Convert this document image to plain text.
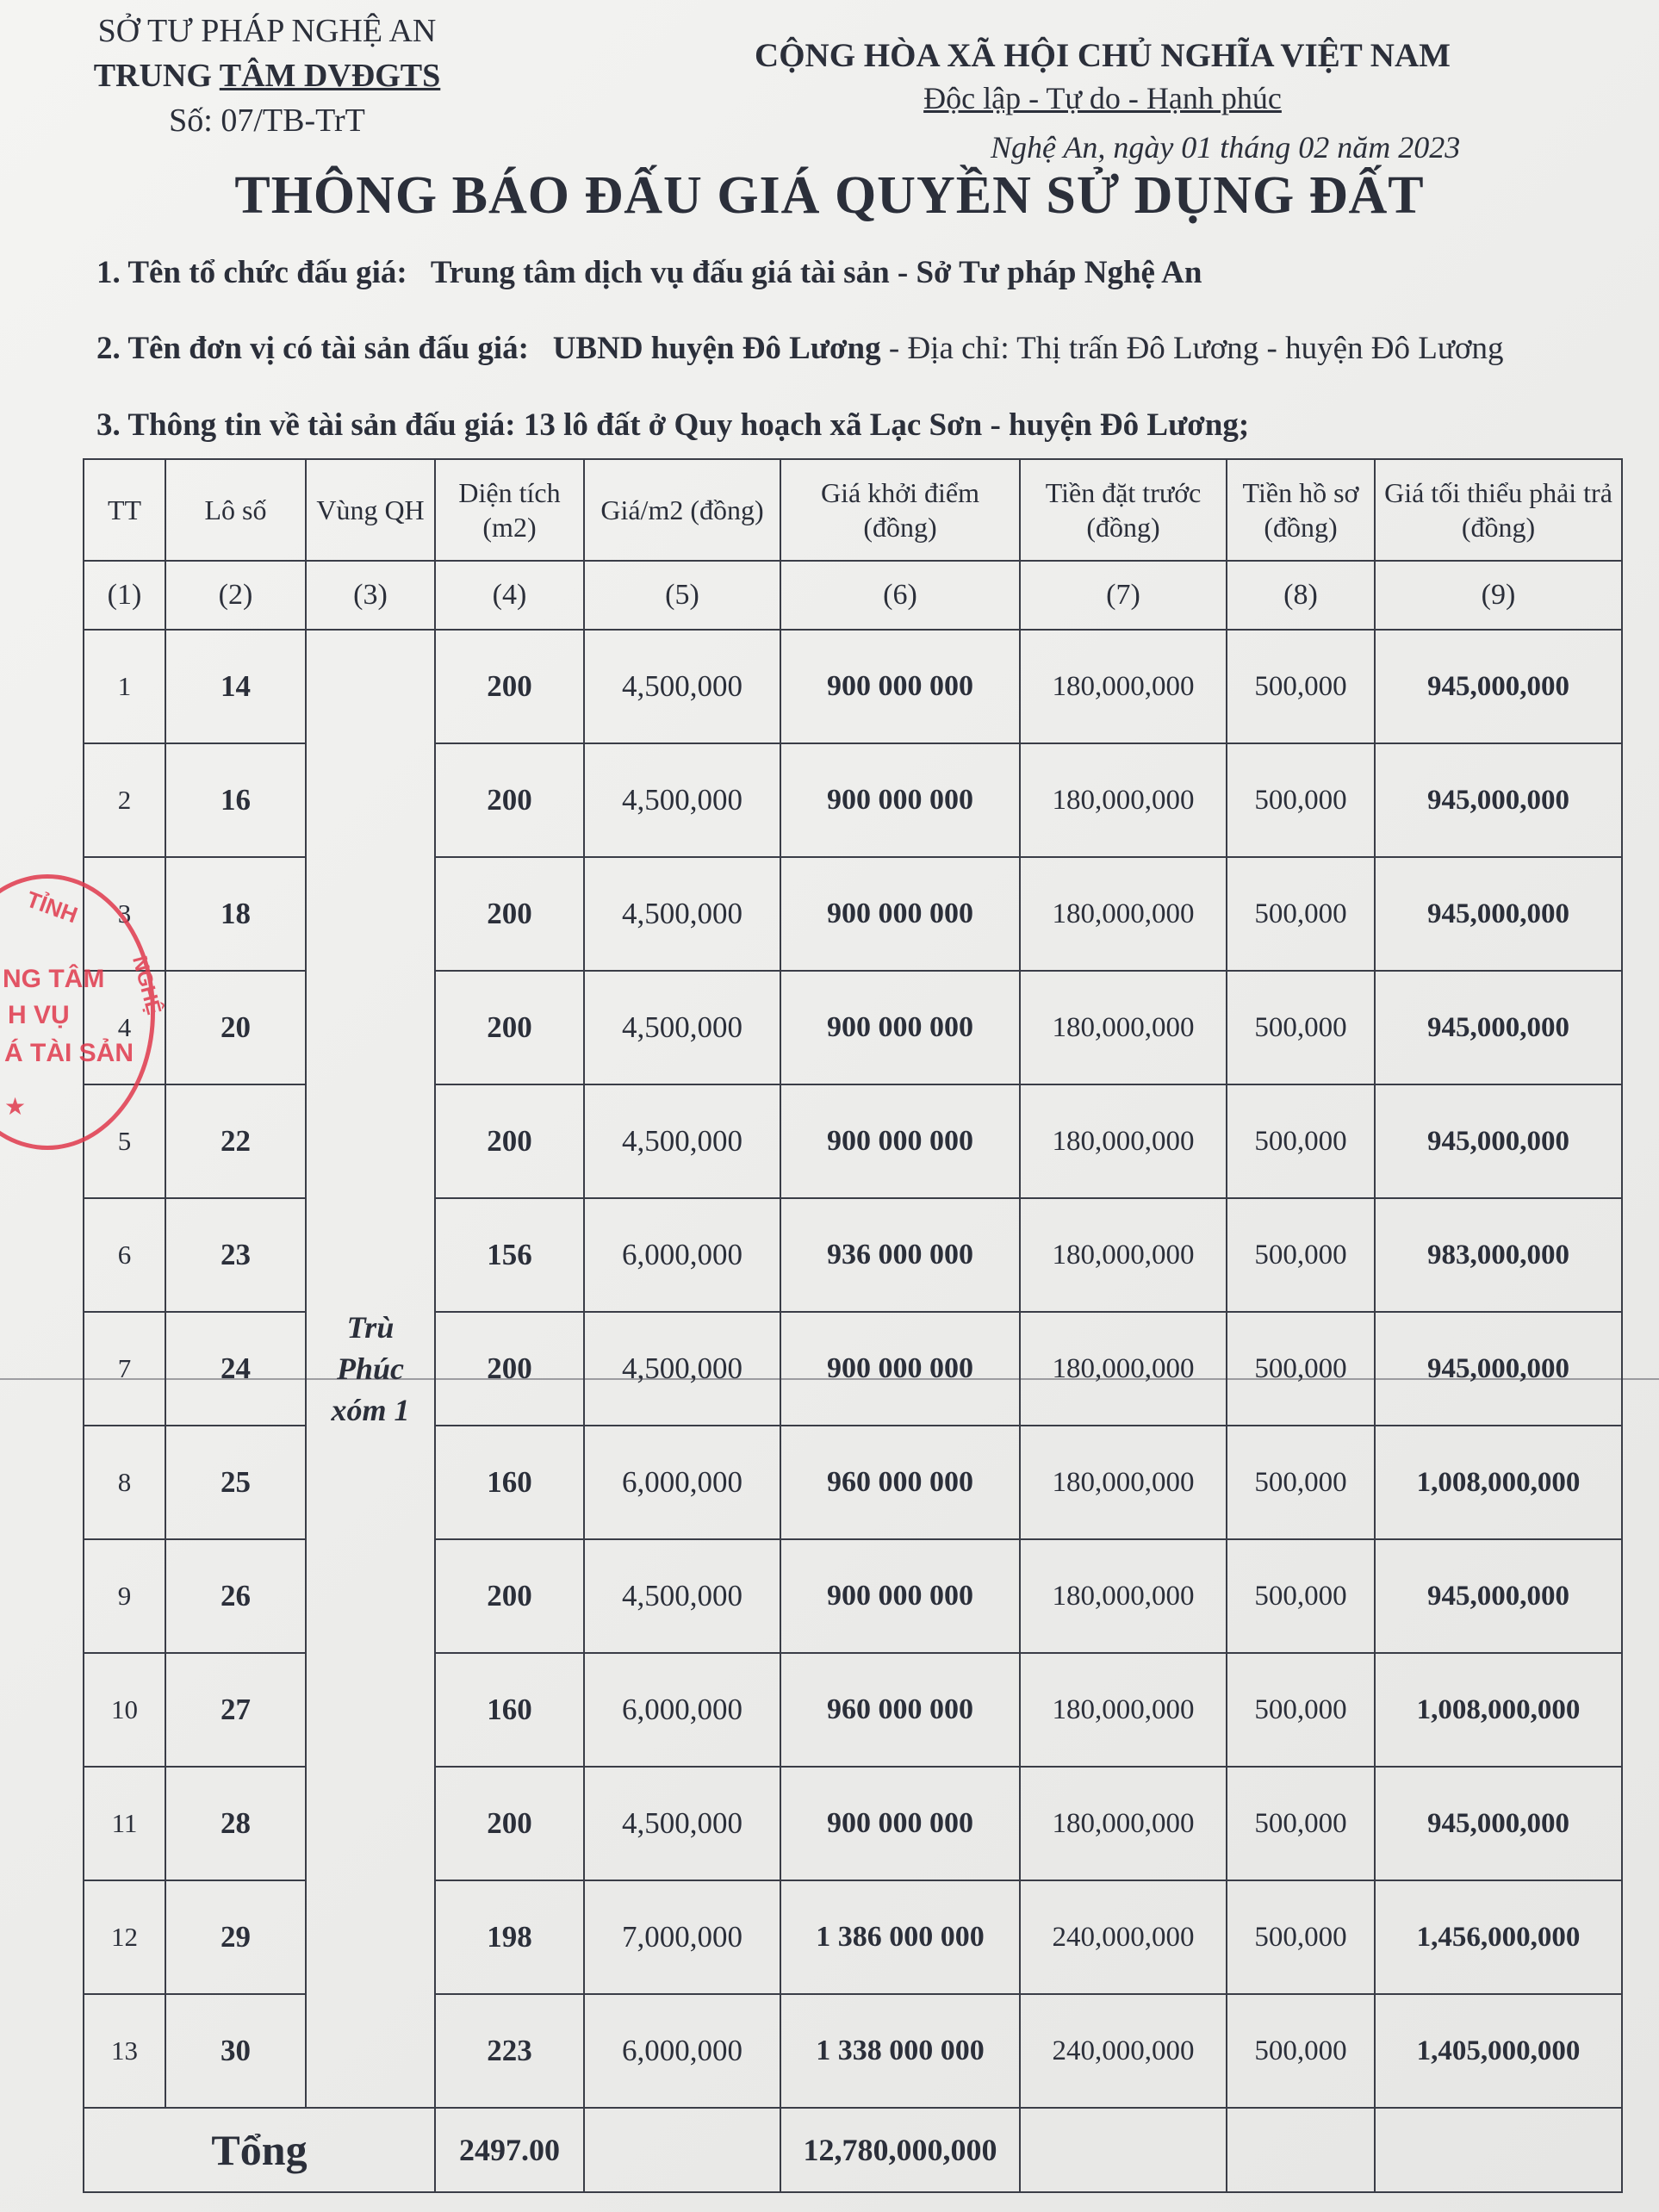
SỞ TƯ PHÁP NGHỆ AN
TRUNG TÂM DVĐGTS
Số: 07/TB-TrT
CỘNG HÒA XÃ HỘI CHỦ NGHĨA VIỆT NAM
Độc lập - Tự do - Hạnh phúc
Nghệ An, ngày 01 tháng 02 năm 2023
THÔNG BÁO ĐẤU GIÁ QUYỀN SỬ DỤNG ĐẤT
1. Tên tổ chức đấu giá: Trung tâm dịch vụ đấu giá tài sản - Sở Tư pháp Nghệ An
2. Tên đơn vị có tài sản đấu giá: UBND huyện Đô Lương - Địa chỉ: Thị trấn Đô Lương - huyện Đô Lương
3. Thông tin về tài sản đấu giá: 13 lô đất ở Quy hoạch xã Lạc Sơn - huyện Đô Lương;
TT	Lô số	Vùng QH	Diện tích (m2)	Giá/m2 (đồng)	Giá khởi điểm (đồng)	Tiền đặt trước (đồng)	Tiền hồ sơ (đồng)	Giá tối thiểu phải trả (đồng)
(1)	(2)	(3)	(4)	(5)	(6)	(7)	(8)	(9)
1	14	Trù
Phúc
xóm 1	200	4,500,000	900 000 000	180,000,000	500,000	945,000,000
2	16		200	4,500,000	900 000 000	180,000,000	500,000	945,000,000
3	18		200	4,500,000	900 000 000	180,000,000	500,000	945,000,000
4	20		200	4,500,000	900 000 000	180,000,000	500,000	945,000,000
5	22		200	4,500,000	900 000 000	180,000,000	500,000	945,000,000
6	23		156	6,000,000	936 000 000	180,000,000	500,000	983,000,000
7	24		200	4,500,000	900 000 000	180,000,000	500,000	945,000,000
8	25		160	6,000,000	960 000 000	180,000,000	500,000	1,008,000,000
9	26		200	4,500,000	900 000 000	180,000,000	500,000	945,000,000
10	27		160	6,000,000	960 000 000	180,000,000	500,000	1,008,000,000
11	28		200	4,500,000	900 000 000	180,000,000	500,000	945,000,000
12	29		198	7,000,000	1 386 000 000	240,000,000	500,000	1,456,000,000
13	30		223	6,000,000	1 338 000 000	240,000,000	500,000	1,405,000,000
Tổng			2497.00		12,780,000,000			
TỈNH
NG TÂM
H VỤ
Á TÀI SẢN
NGHỆ
★
